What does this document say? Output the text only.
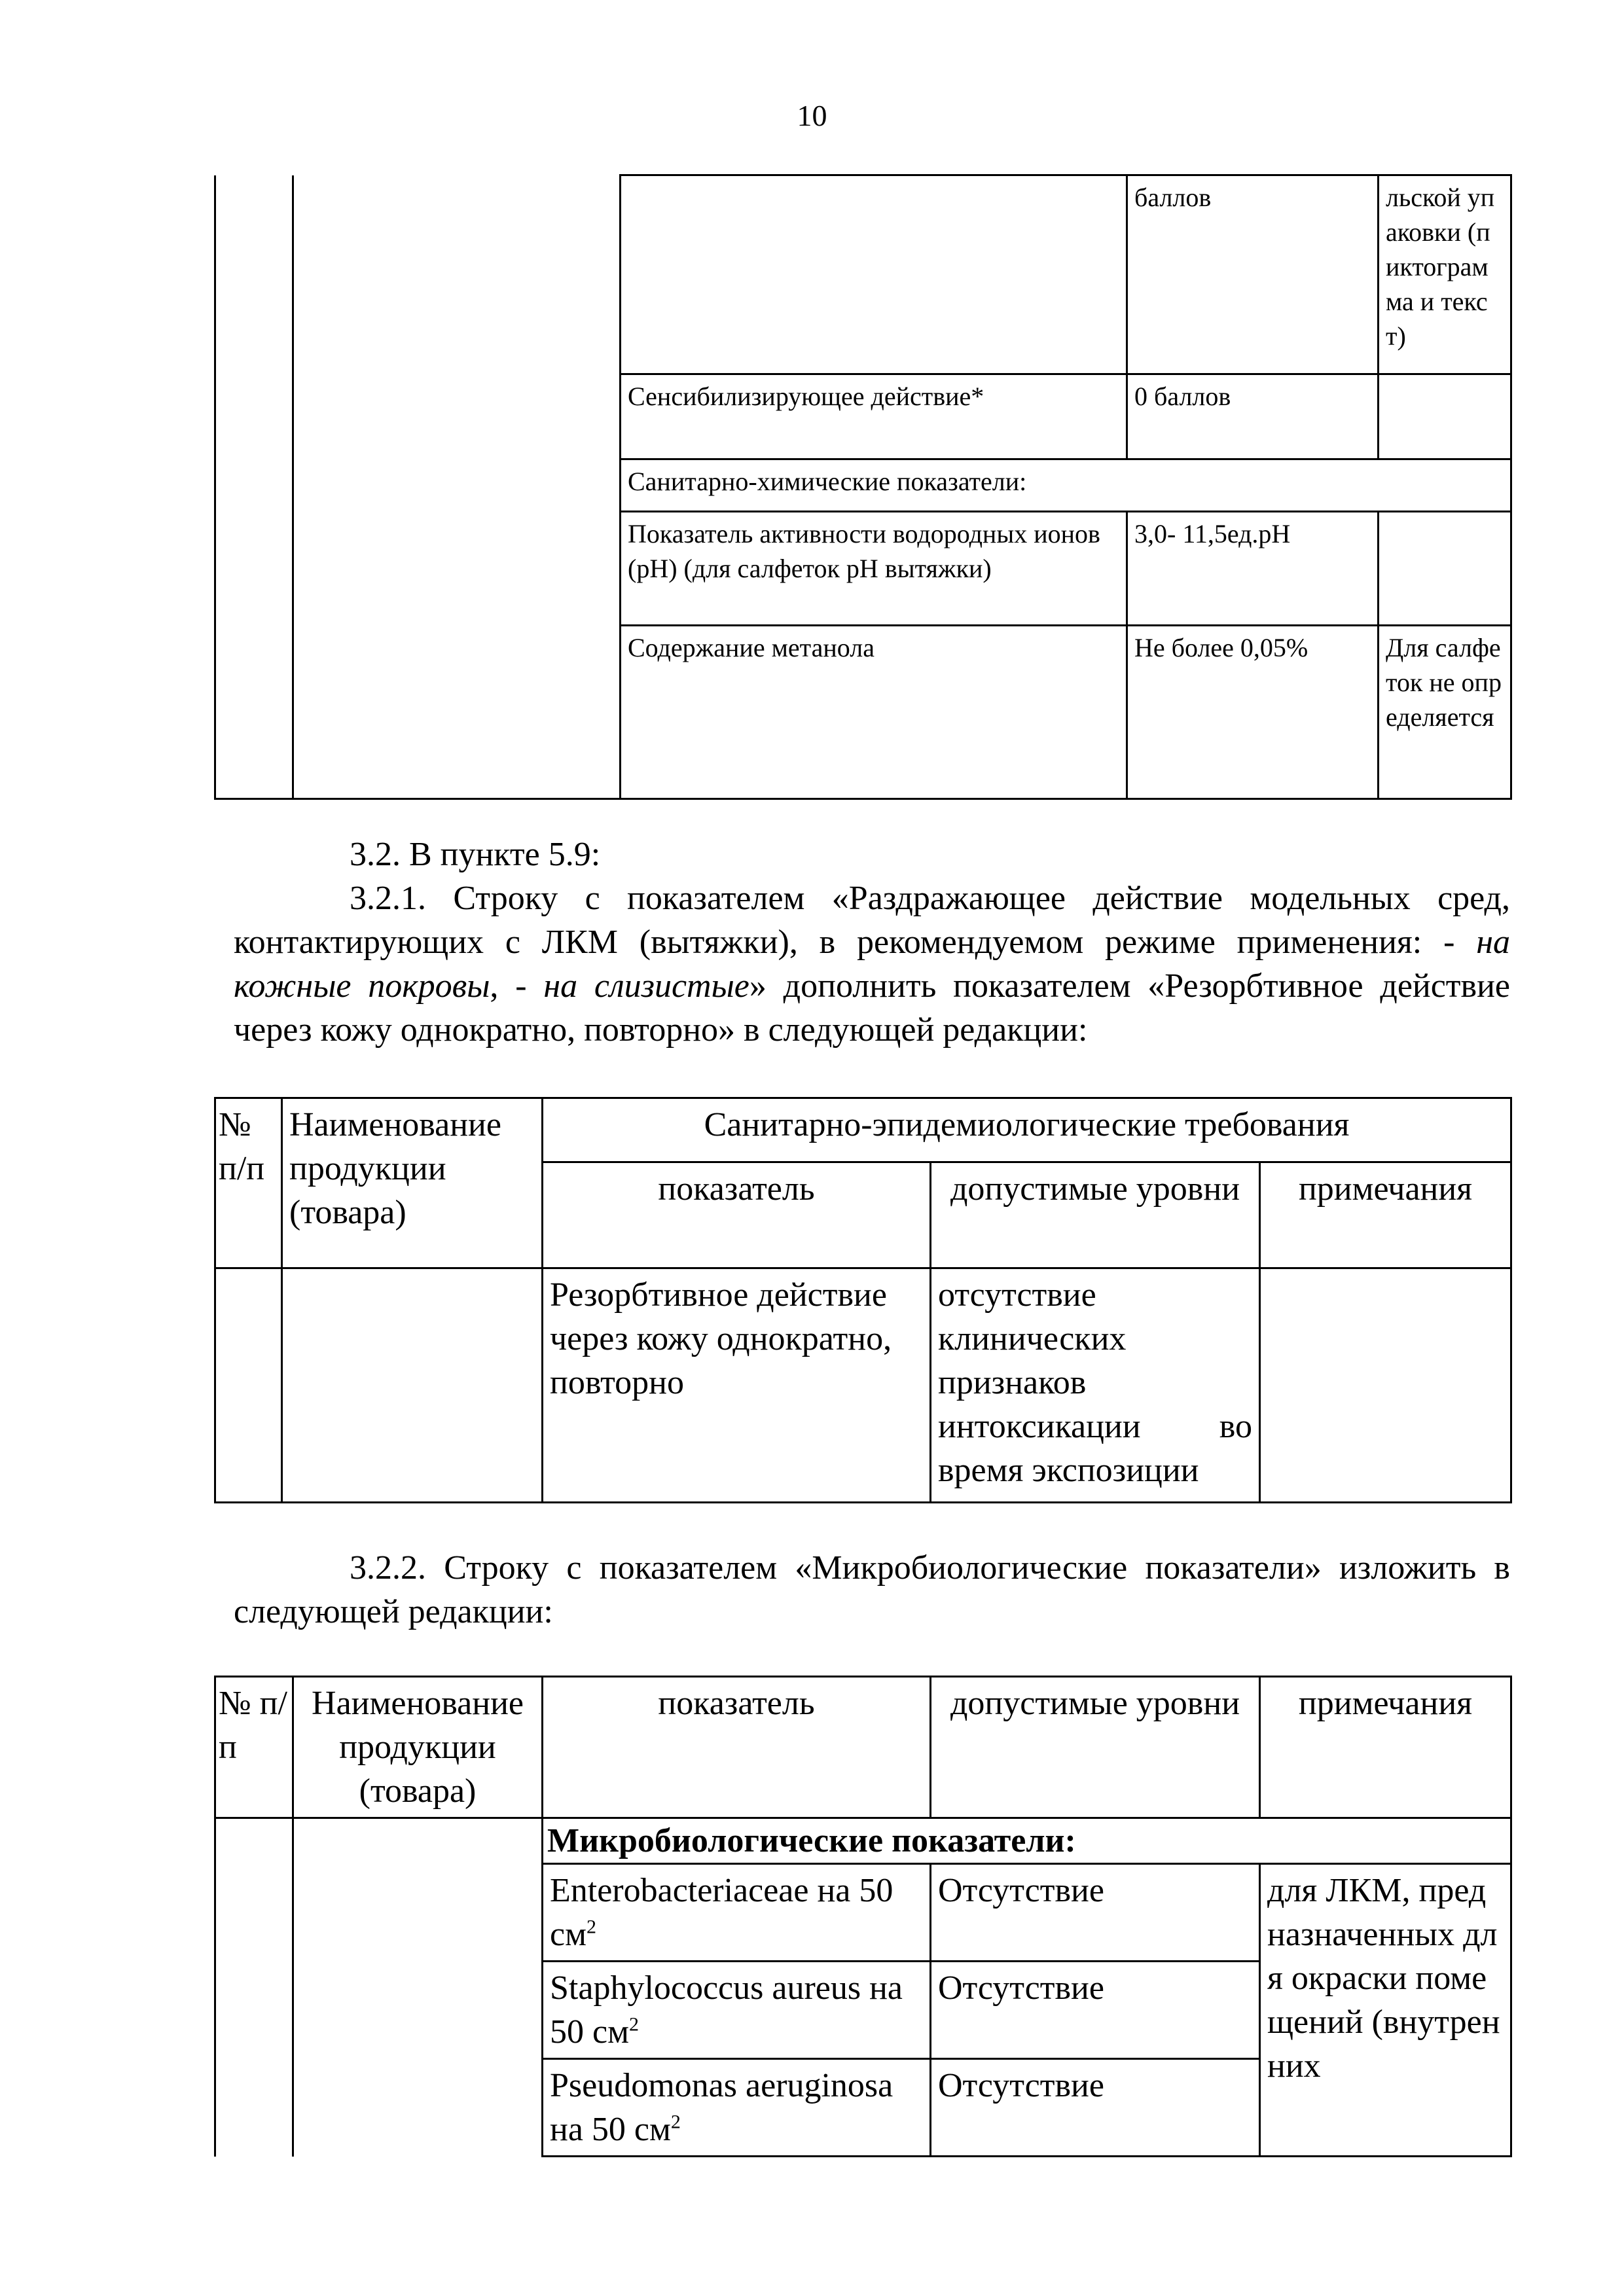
10
			баллов	льской упаковки (пиктограмма и текст)
		Сенсибилизирующее действие*	0 баллов	
		Санитарно-химические показатели:		
		Показатель активности водородных ионов (рН) (для салфеток рН вытяжки)	3,0- 11,5ед.рН	
		Содержание метанола	Не более 0,05%	Для салфеток не определяется
3.2. В пункте 5.9:
3.2.1. Строку с показателем «Раздражающее действие модельных сред, контактирующих с ЛКМ (вытяжки), в рекомендуемом режиме применения: - на кожные покровы, - на слизистые» дополнить показателем «Резорбтивное действие через кожу однократно, повторно» в следующей редакции:
№ п/п	Наименование продукции (товара)	Санитарно-эпидемиологические требования		
		показатель	допустимые уровни	примечания
		Резорбтивное действие через кожу однократно, повторно	отсутствие клинических признаков интоксикации во время экспозиции	
3.2.2. Строку с показателем «Микробиологические показатели» изложить в следующей редакции:
№ п/п	Наименование продукции (товара)	показатель	допустимые уровни	примечания
		Микробиологические показатели:		
		Enterobacteriaceae на 50 $см^2$	Отсутствие	для ЛКМ, предназначенных для окраски помещений (внутренних
		Staphylococcus aureus на 50 $см^2$	Отсутствие	
		Pseudomonas aeruginosa на 50 $см^2$	Отсутствие	
